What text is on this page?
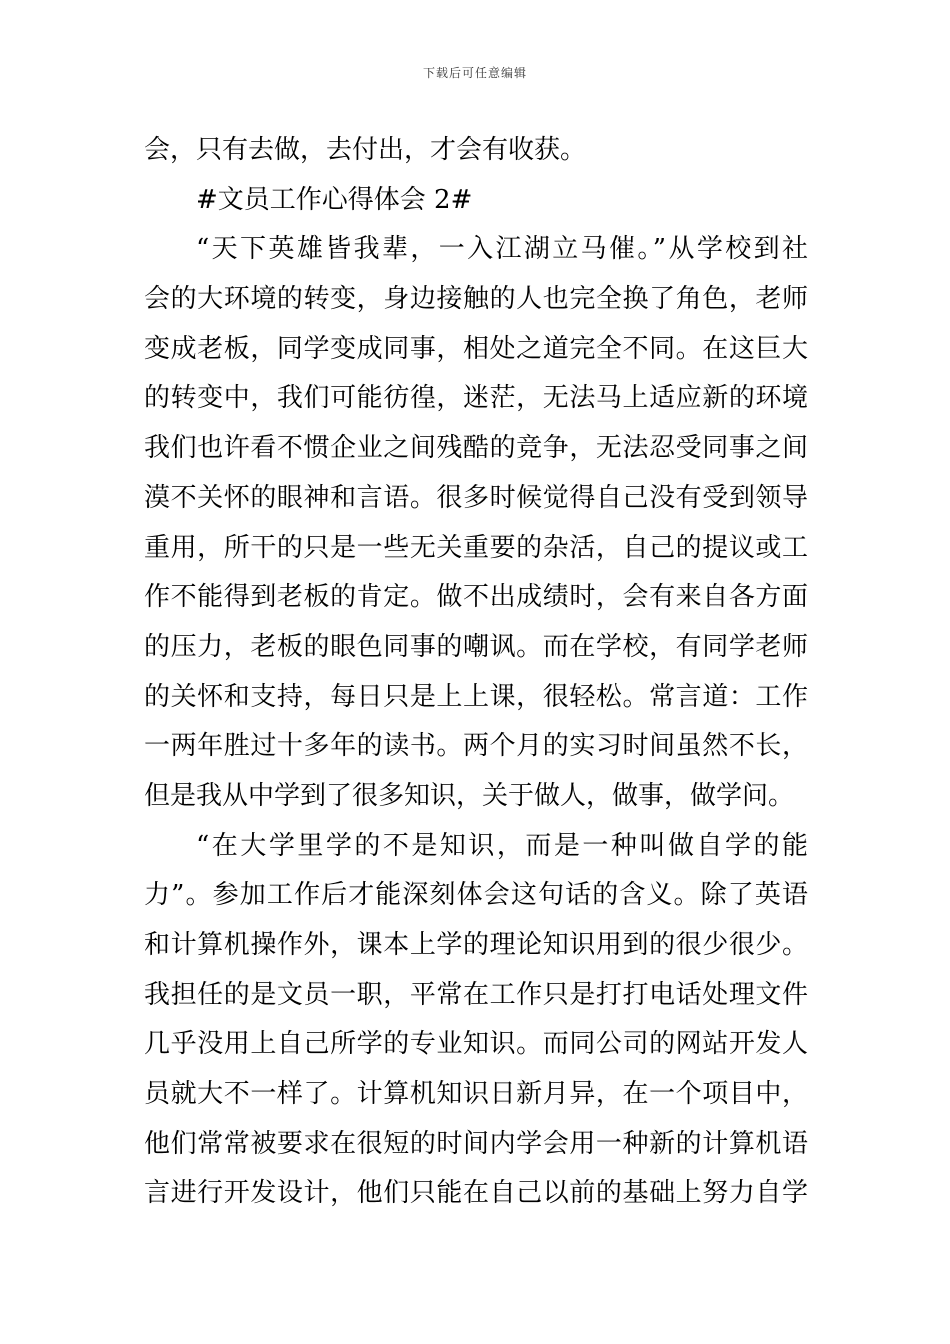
下载后可任意编辑
会，只有去做，去付出，才会有收获。
#文员工作心得体会 2#
“天下英雄皆我辈，一入江湖立马催。”从学校到社
会的大环境的转变，身边接触的人也完全换了角色，老师
变成老板，同学变成同事，相处之道完全不同。在这巨大
的转变中，我们可能彷徨，迷茫，无法马上适应新的环境
我们也许看不惯企业之间残酷的竞争，无法忍受同事之间
漠不关怀的眼神和言语。很多时候觉得自己没有受到领导
重用，所干的只是一些无关重要的杂活，自己的提议或工
作不能得到老板的肯定。做不出成绩时，会有来自各方面
的压力，老板的眼色同事的嘲讽。而在学校，有同学老师
的关怀和支持，每日只是上上课，很轻松。常言道：工作
一两年胜过十多年的读书。两个月的实习时间虽然不长，
但是我从中学到了很多知识，关于做人，做事，做学问。
“在大学里学的不是知识，而是一种叫做自学的能
力”。参加工作后才能深刻体会这句话的含义。除了英语
和计算机操作外，课本上学的理论知识用到的很少很少。
我担任的是文员一职，平常在工作只是打打电话处理文件
几乎没用上自己所学的专业知识。而同公司的网站开发人
员就大不一样了。计算机知识日新月异，在一个项目中，
他们常常被要求在很短的时间内学会用一种新的计算机语
言进行开发设计，他们只能在自己以前的基础上努力自学
